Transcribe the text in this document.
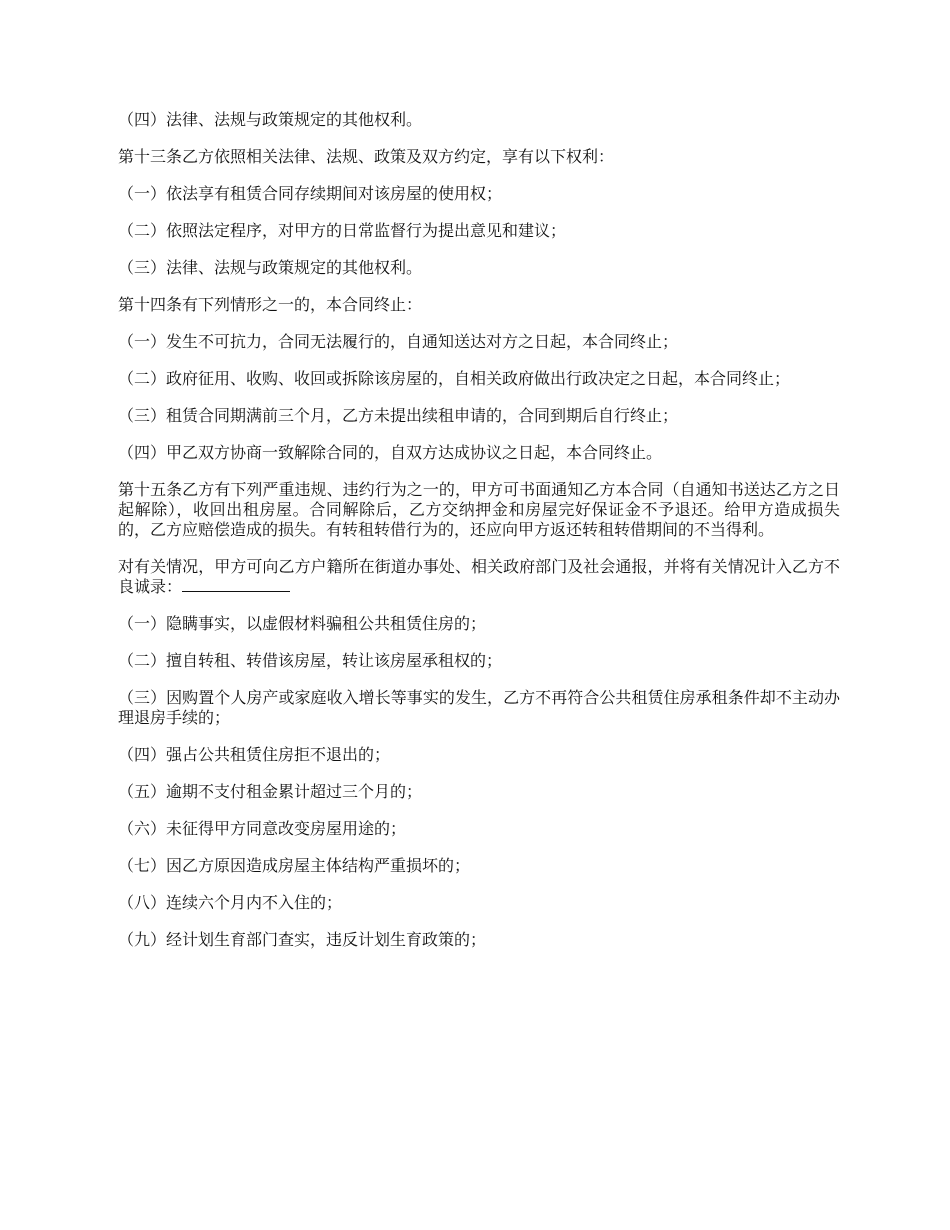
（四）法律、法规与政策规定的其他权利。

第十三条乙方依照相关法律、法规、政策及双方约定，享有以下权利：

（一）依法享有租赁合同存续期间对该房屋的使用权；

（二）依照法定程序，对甲方的日常监督行为提出意见和建议；

（三）法律、法规与政策规定的其他权利。

第十四条有下列情形之一的，本合同终止：

（一）发生不可抗力，合同无法履行的，自通知送达对方之日起，本合同终止；

（二）政府征用、收购、收回或拆除该房屋的，自相关政府做出行政决定之日起，本合同终止；

（三）租赁合同期满前三个月，乙方未提出续租申请的，合同到期后自行终止；

（四）甲乙双方协商一致解除合同的，自双方达成协议之日起，本合同终止。

第十五条乙方有下列严重违规、违约行为之一的，甲方可书面通知乙方本合同（自通知书送达乙方之日起解除），收回出租房屋。合同解除后，乙方交纳押金和房屋完好保证金不予退还。给甲方造成损失的，乙方应赔偿造成的损失。有转租转借行为的，还应向甲方返还转租转借期间的不当得利。

对有关情况，甲方可向乙方户籍所在街道办事处、相关政府部门及社会通报，并将有关情况计入乙方不良诚录：

（一）隐瞒事实，以虚假材料骗租公共租赁住房的；

（二）擅自转租、转借该房屋，转让该房屋承租权的；

（三）因购置个人房产或家庭收入增长等事实的发生，乙方不再符合公共租赁住房承租条件却不主动办理退房手续的；

（四）强占公共租赁住房拒不退出的；

（五）逾期不支付租金累计超过三个月的；

（六）未征得甲方同意改变房屋用途的；

（七）因乙方原因造成房屋主体结构严重损坏的；

（八）连续六个月内不入住的；

（九）经计划生育部门查实，违反计划生育政策的；
